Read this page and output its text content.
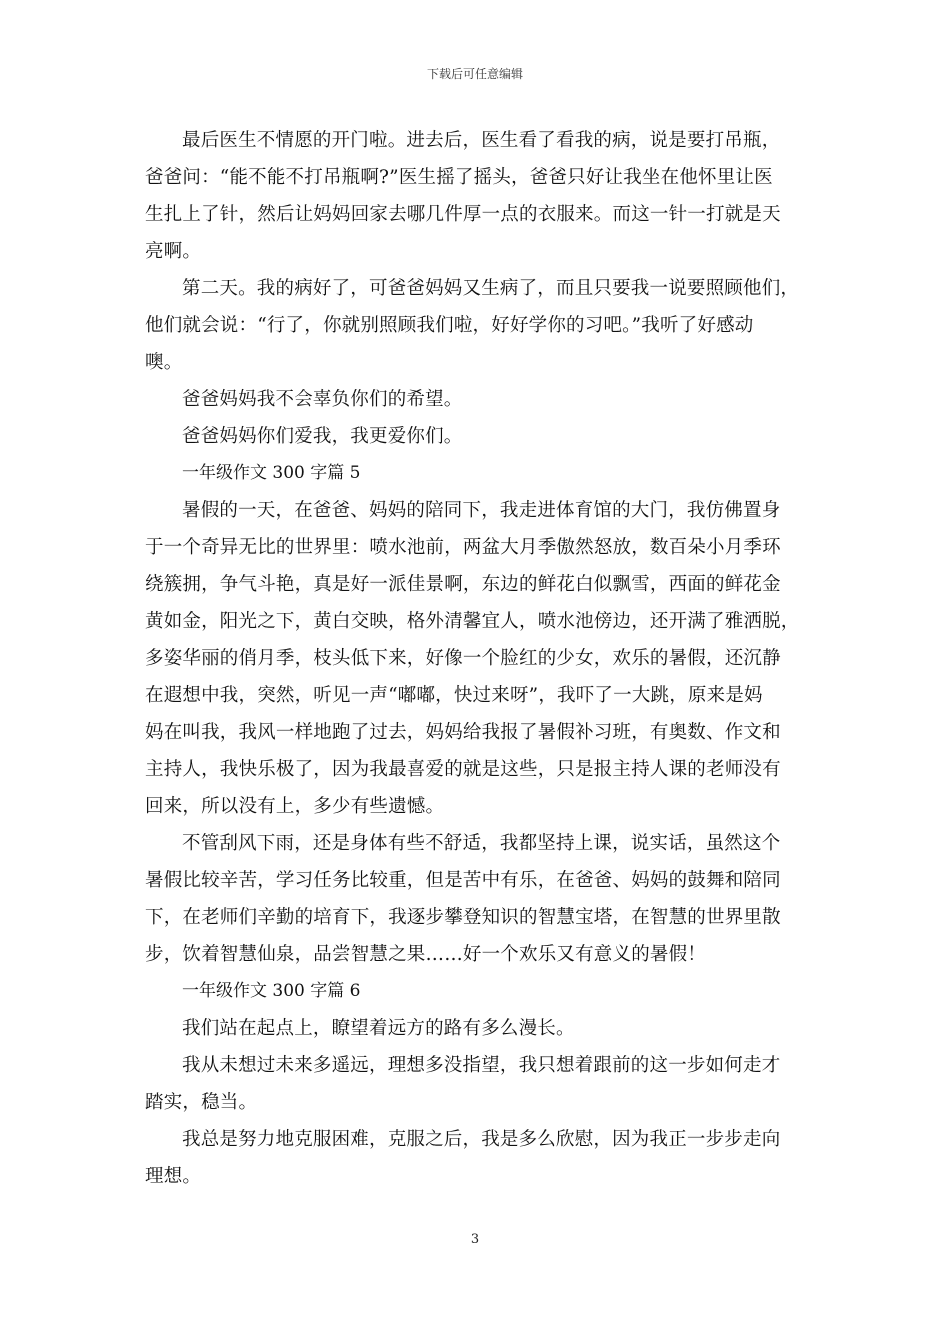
下载后可任意编辑

最后医生不情愿的开门啦。进去后，医生看了看我的病，说是要打吊瓶，
爸爸问：“能不能不打吊瓶啊?”医生摇了摇头，爸爸只好让我坐在他怀里让医
生扎上了针，然后让妈妈回家去哪几件厚一点的衣服来。而这一针一打就是天
亮啊。

第二天。我的病好了，可爸爸妈妈又生病了，而且只要我一说要照顾他们，
他们就会说：“行了，你就别照顾我们啦，好好学你的习吧。”我听了好感动
噢。

爸爸妈妈我不会辜负你们的希望。

爸爸妈妈你们爱我，我更爱你们。

一年级作文 300 字篇 5

暑假的一天，在爸爸、妈妈的陪同下，我走进体育馆的大门，我仿佛置身
于一个奇异无比的世界里：喷水池前，两盆大月季傲然怒放，数百朵小月季环
绕簇拥，争气斗艳，真是好一派佳景啊，东边的鲜花白似飘雪，西面的鲜花金
黄如金，阳光之下，黄白交映，格外清馨宜人，喷水池傍边，还开满了雅洒脱，
多姿华丽的俏月季，枝头低下来，好像一个脸红的少女，欢乐的暑假，还沉静
在遐想中我，突然，听见一声“嘟嘟，快过来呀”，我吓了一大跳，原来是妈
妈在叫我，我风一样地跑了过去，妈妈给我报了暑假补习班，有奥数、作文和
主持人，我快乐极了，因为我最喜爱的就是这些，只是报主持人课的老师没有
回来，所以没有上，多少有些遗憾。

不管刮风下雨，还是身体有些不舒适，我都坚持上课，说实话，虽然这个
暑假比较辛苦，学习任务比较重，但是苦中有乐，在爸爸、妈妈的鼓舞和陪同
下，在老师们辛勤的培育下，我逐步攀登知识的智慧宝塔，在智慧的世界里散
步，饮着智慧仙泉，品尝智慧之果……好一个欢乐又有意义的暑假！

一年级作文 300 字篇 6

我们站在起点上，瞭望着远方的路有多么漫长。

我从未想过未来多遥远，理想多没指望，我只想着跟前的这一步如何走才
踏实，稳当。

我总是努力地克服困难，克服之后，我是多么欣慰，因为我正一步步走向
理想。

3
